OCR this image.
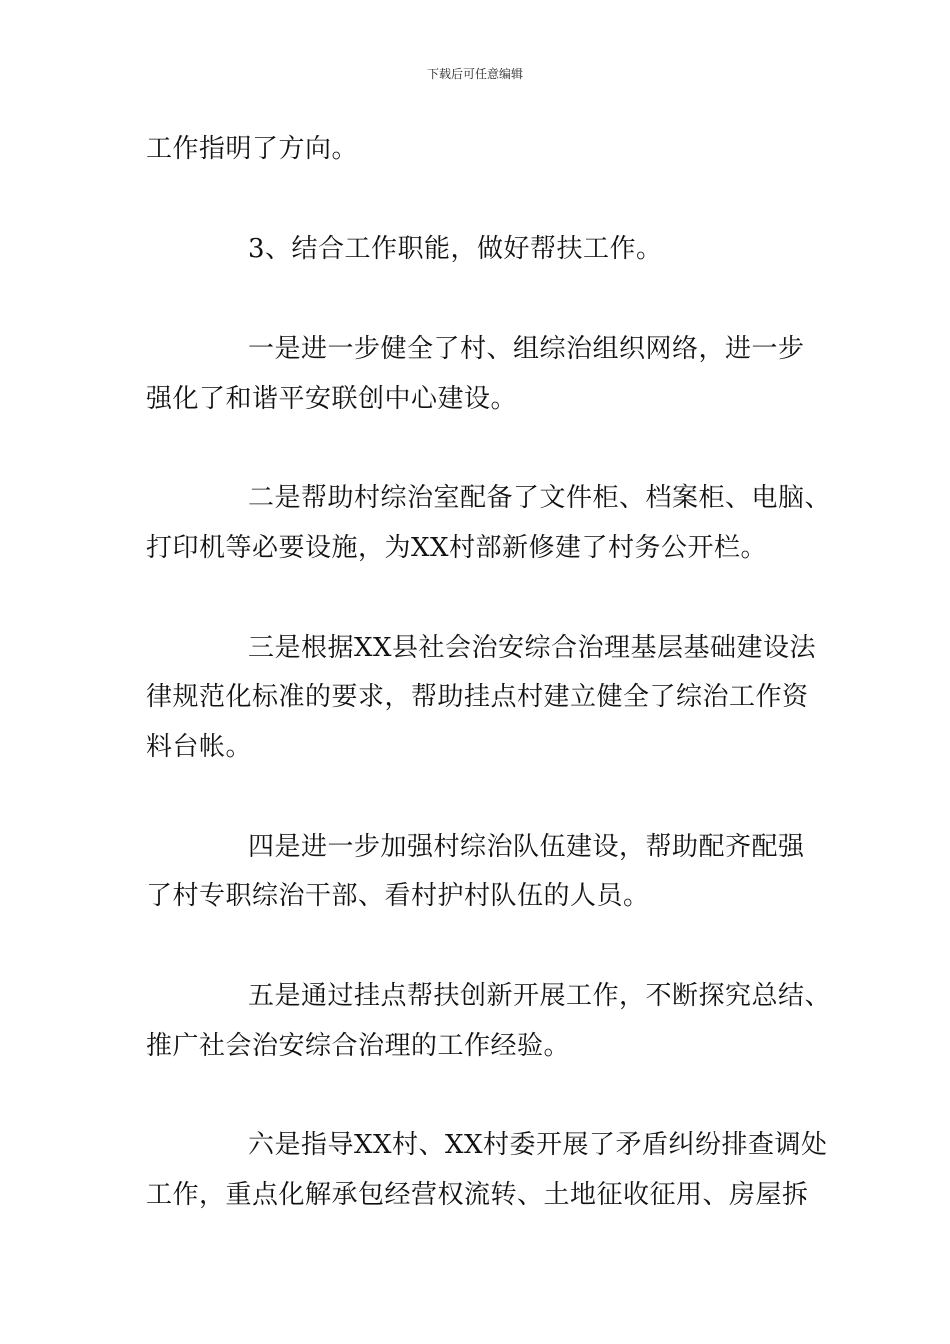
下载后可任意编辑
工作指明了方向。
3、结合工作职能，做好帮扶工作。
一是进一步健全了村、组综治组织网络，进一步
强化了和谐平安联创中心建设。
二是帮助村综治室配备了文件柜、档案柜、电脑、
打印机等必要设施，为XX村部新修建了村务公开栏。
三是根据XX县社会治安综合治理基层基础建设法
律规范化标准的要求，帮助挂点村建立健全了综治工作资
料台帐。
四是进一步加强村综治队伍建设，帮助配齐配强
了村专职综治干部、看村护村队伍的人员。
五是通过挂点帮扶创新开展工作，不断探究总结、
推广社会治安综合治理的工作经验。
六是指导XX村、XX村委开展了矛盾纠纷排查调处
工作，重点化解承包经营权流转、土地征收征用、房屋拆
